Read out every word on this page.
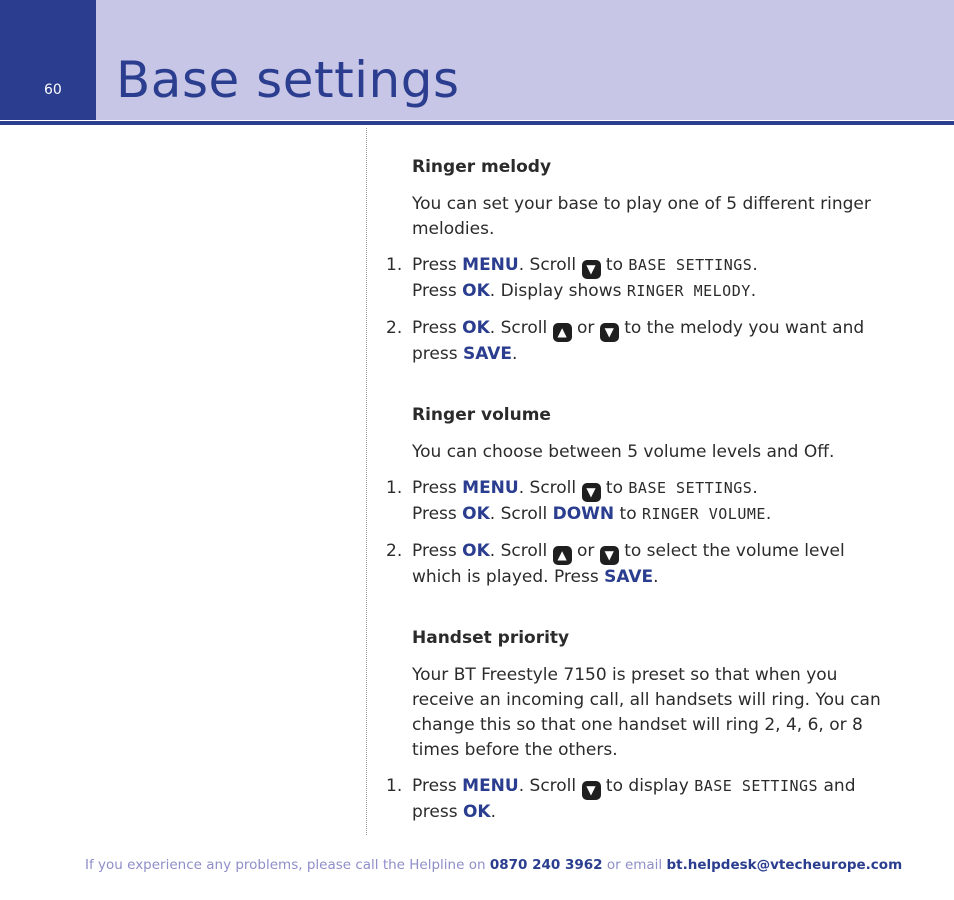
60 Base settings
Ringer melody
You can set your base to play one of 5 different ringer melodies.
1. Press MENU. Scroll ▼ to BASE SETTINGS.
Press OK. Display shows RINGER MELODY.
2. Press OK. Scroll ▲ or ▼ to the melody you want and press SAVE.
Ringer volume
You can choose between 5 volume levels and Off.
1. Press MENU. Scroll ▼ to BASE SETTINGS.
Press OK. Scroll DOWN to RINGER VOLUME.
2. Press OK. Scroll ▲ or ▼ to select the volume level which is played. Press SAVE.
Handset priority
Your BT Freestyle 7150 is preset so that when you receive an incoming call, all handsets will ring. You can change this so that one handset will ring 2, 4, 6, or 8 times before the others.
1. Press MENU. Scroll ▼ to display BASE SETTINGS and press OK.
If you experience any problems, please call the Helpline on 0870 240 3962 or email bt.helpdesk@vtecheurope.com
